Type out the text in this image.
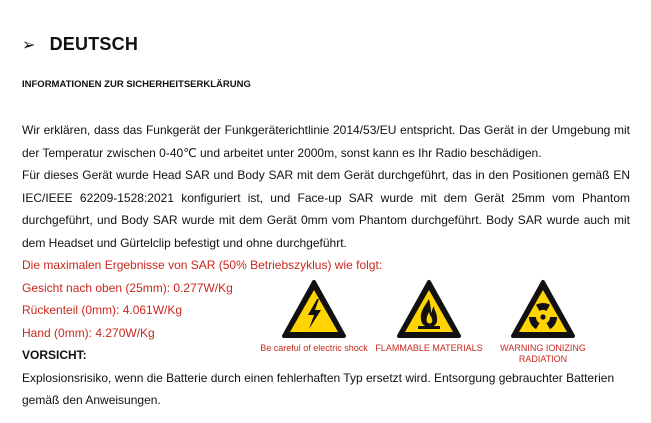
➢ DEUTSCH
INFORMATIONEN ZUR SICHERHEITSERKLÄRUNG

Wir erklären, dass das Funkgerät der Funkgeräterichtlinie 2014/53/EU entspricht. Das Gerät in der Umgebung mit der Temperatur zwischen 0-40℃ und arbeitet unter 2000m, sonst kann es Ihr Radio beschädigen.

Für dieses Gerät wurde Head SAR und Body SAR mit dem Gerät durchgeführt, das in den Positionen gemäß EN IEC/IEEE 62209-1528:2021 konfiguriert ist, und Face-up SAR wurde mit dem Gerät 25mm vom Phantom durchgeführt, und Body SAR wurde mit dem Gerät 0mm vom Phantom durchgeführt. Body SAR wurde auch mit dem Headset und Gürtelclip befestigt und ohne durchgeführt.

Die maximalen Ergebnisse von SAR (50% Betriebszyklus) wie folgt:

Gesicht nach oben (25mm): 0.277W/Kg

Rückenteil (0mm): 4.061W/Kg

Hand (0mm): 4.270W/Kg

VORSICHT:

Explosionsrisiko, wenn die Batterie durch einen fehlerhaften Typ ersetzt wird. Entsorgung gebrauchter Batterien gemäß den Anweisungen.

Be careful of electric shock FLAMMABLE MATERIALS	WARNING IONIZING RADIATION
